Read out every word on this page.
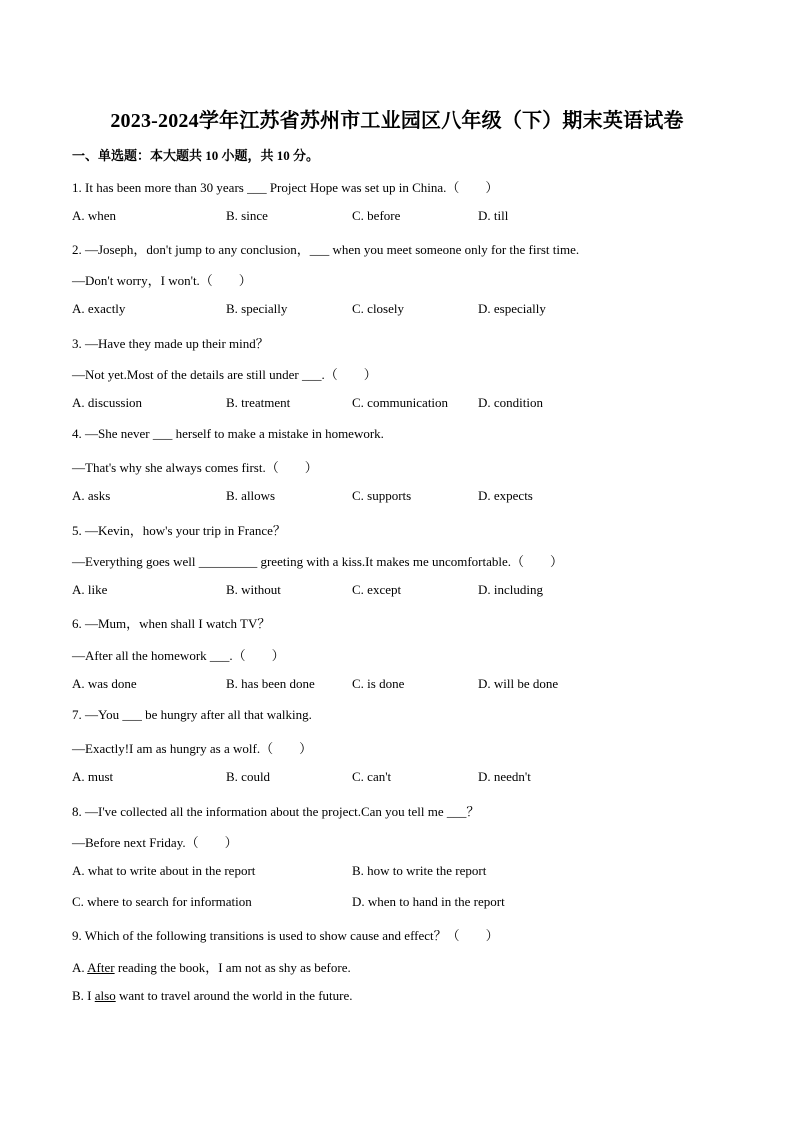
2023-2024学年江苏省苏州市工业园区八年级（下）期末英语试卷
一、单选题：本大题共 10 小题，共 10 分。
1. It has been more than 30 years ___ Project Hope was set up in China.（　　）
A. when	B. since	C. before	D. till
2. —Joseph，don't jump to any conclusion，___ when you meet someone only for the first time.
—Don't worry，I won't.（　　）
A. exactly	B. specially	C. closely	D. especially
3. —Have they made up their mind？
—Not yet.Most of the details are still under ___.（　　）
A. discussion	B. treatment	C. communication D. condition
4. —She never ___ herself to make a mistake in homework.
—That's why she always comes first.（　　）
A. asks	B. allows	C. supports	D. expects
5. —Kevin，how's your trip in France？
—Everything goes well _________ greeting with a kiss.It makes me uncomfortable.（　　）
A. like	B. without	C. except	D. including
6. —Mum，when shall I watch TV？
—After all the homework ___.（　　）
A. was done	B. has been done	C. is done	D. will be done
7. —You ___ be hungry after all that walking.
—Exactly!I am as hungry as a wolf.（　　）
A. must	B. could	C. can't	D. needn't
8. —I've collected all the information about the project.Can you tell me ___？
—Before next Friday.（　　）
A. what to write about in the report	B. how to write the report
C. where to search for information	D. when to hand in the report
9. Which of the following transitions is used to show cause and effect？（　　）
A. After reading the book，I am not as shy as before.
B. I also want to travel around the world in the future.
